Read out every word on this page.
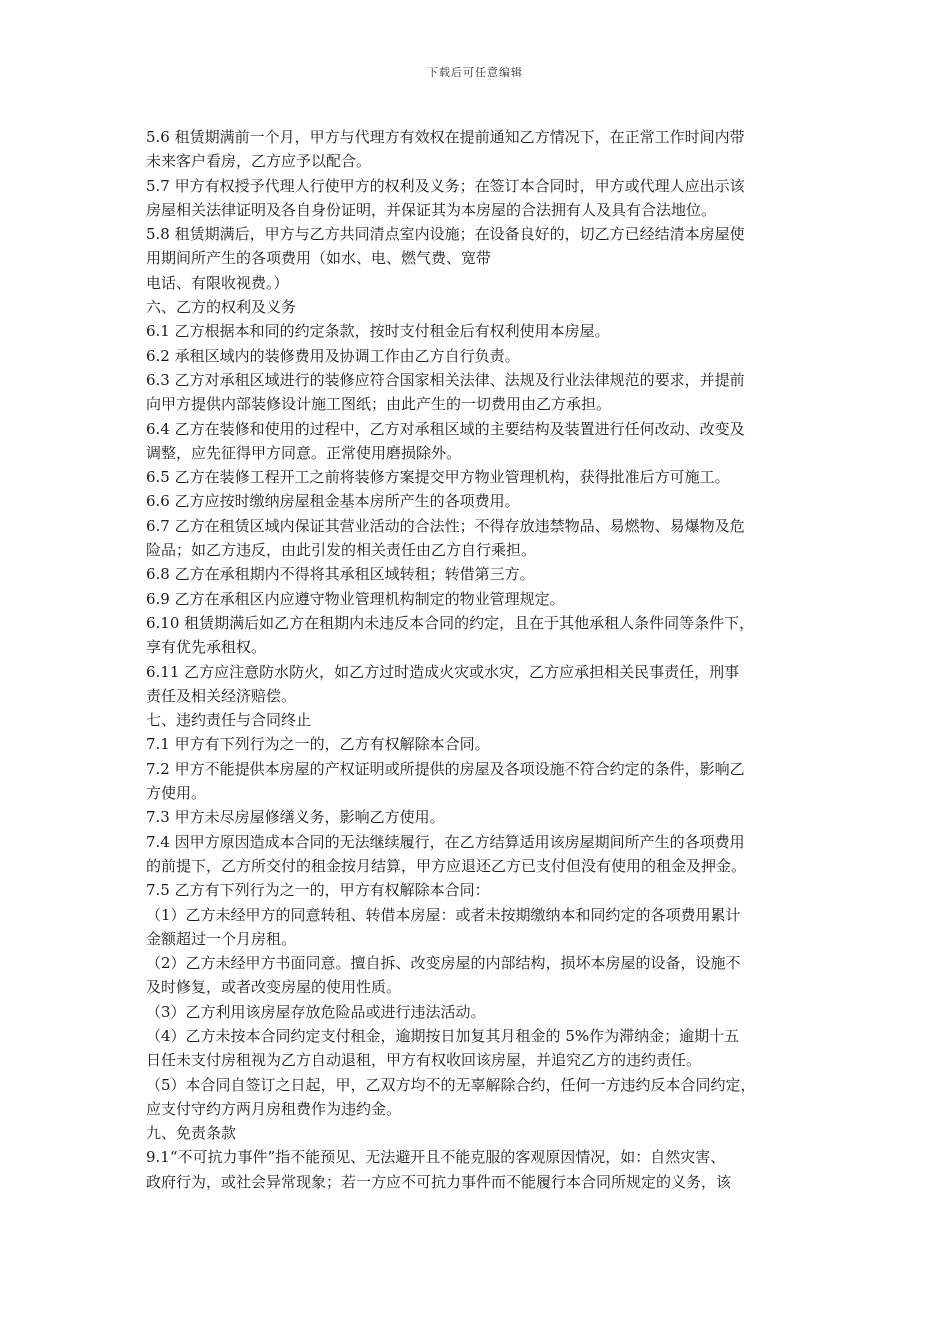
下载后可任意编辑
5.6 租赁期满前一个月，甲方与代理方有效权在提前通知乙方情况下，在正常工作时间内带
未来客户看房，乙方应予以配合。
5.7 甲方有权授予代理人行使甲方的权利及义务；在签订本合同时，甲方或代理人应出示该
房屋相关法律证明及各自身份证明，并保证其为本房屋的合法拥有人及具有合法地位。
5.8 租赁期满后，甲方与乙方共同清点室内设施；在设备良好的，切乙方已经结清本房屋使
用期间所产生的各项费用（如水、电、燃气费、宽带
电话、有限收视费。）
六、乙方的权利及义务
6.1 乙方根据本和同的约定条款，按时支付租金后有权利使用本房屋。
6.2 承租区域内的装修费用及协调工作由乙方自行负责。
6.3 乙方对承租区域进行的装修应符合国家相关法律、法规及行业法律规范的要求，并提前
向甲方提供内部装修设计施工图纸；由此产生的一切费用由乙方承担。
6.4 乙方在装修和使用的过程中，乙方对承租区域的主要结构及装置进行任何改动、改变及
调整，应先征得甲方同意。正常使用磨损除外。
6.5 乙方在装修工程开工之前将装修方案提交甲方物业管理机构，获得批准后方可施工。
6.6 乙方应按时缴纳房屋租金基本房所产生的各项费用。
6.7 乙方在租赁区域内保证其营业活动的合法性；不得存放违禁物品、易燃物、易爆物及危
险品；如乙方违反，由此引发的相关责任由乙方自行乘担。
6.8 乙方在承租期内不得将其承租区域转租；转借第三方。
6.9 乙方在承租区内应遵守物业管理机构制定的物业管理规定。
6.10 租赁期满后如乙方在租期内未违反本合同的约定，且在于其他承租人条件同等条件下，
享有优先承租权。
6.11 乙方应注意防水防火，如乙方过时造成火灾或水灾，乙方应承担相关民事责任，刑事
责任及相关经济赔偿。
七、违约责任与合同终止
7.1 甲方有下列行为之一的，乙方有权解除本合同。
7.2 甲方不能提供本房屋的产权证明或所提供的房屋及各项设施不符合约定的条件，影响乙
方使用。
7.3 甲方未尽房屋修缮义务，影响乙方使用。
7.4 因甲方原因造成本合同的无法继续履行，在乙方结算适用该房屋期间所产生的各项费用
的前提下，乙方所交付的租金按月结算，甲方应退还乙方已支付但没有使用的租金及押金。
7.5 乙方有下列行为之一的，甲方有权解除本合同：
（1）乙方未经甲方的同意转租、转借本房屋：或者未按期缴纳本和同约定的各项费用累计
金额超过一个月房租。
（2）乙方未经甲方书面同意。擅自拆、改变房屋的内部结构，损坏本房屋的设备，设施不
及时修复，或者改变房屋的使用性质。
（3）乙方利用该房屋存放危险品或进行违法活动。
（4）乙方未按本合同约定支付租金，逾期按日加复其月租金的 5%作为滞纳金；逾期十五
日任未支付房租视为乙方自动退租，甲方有权收回该房屋，并追究乙方的违约责任。
（5）本合同自签订之日起，甲，乙双方均不的无辜解除合约，任何一方违约反本合同约定，
应支付守约方两月房租费作为违约金。
九、免责条款
9.1“不可抗力事件”指不能预见、无法避开且不能克服的客观原因情况，如：自然灾害、
政府行为，或社会异常现象；若一方应不可抗力事件而不能履行本合同所规定的义务，该
